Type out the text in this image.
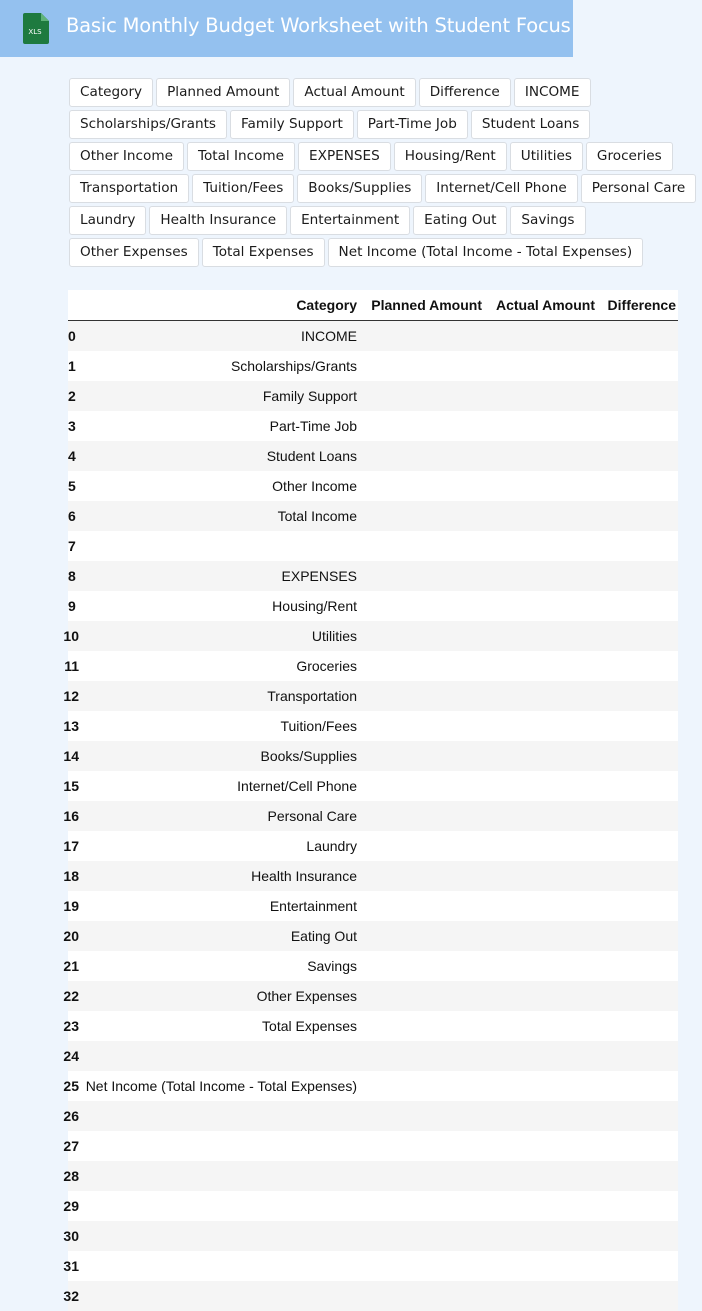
XLS Basic Monthly Budget Worksheet with Student Focus
Category	Planned Amount	Actual Amount	Difference	INCOME
Scholarships/Grants	Family Support	Part-Time Job	Student Loans
Other Income	Total Income	EXPENSES	Housing/Rent	Utilities	Groceries
Transportation	Tuition/Fees	Books/Supplies	Internet/Cell Phone	Personal Care
Laundry	Health Insurance	Entertainment	Eating Out	Savings
Other Expenses	Total Expenses	Net Income (Total Income - Total Expenses)
	Category	Planned Amount	Actual Amount	Difference
0	INCOME			
1	Scholarships/Grants			
2	Family Support			
3	Part-Time Job			
4	Student Loans			
5	Other Income			
6	Total Income			
7				
8	EXPENSES			
9	Housing/Rent			
10	Utilities			
11	Groceries			
12	Transportation			
13	Tuition/Fees			
14	Books/Supplies			
15	Internet/Cell Phone			
16	Personal Care			
17	Laundry			
18	Health Insurance			
19	Entertainment			
20	Eating Out			
21	Savings			
22	Other Expenses			
23	Total Expenses			
24				
25	Net Income (Total Income - Total Expenses)			
26				
27				
28				
29				
30				
31				
32				
